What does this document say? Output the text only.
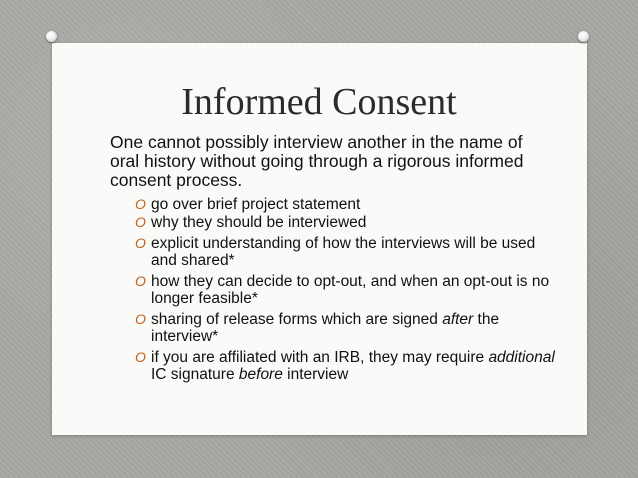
Informed Consent

One cannot possibly interview another in the name of oral history without going through a rigorous informed consent process.

O go over brief project statement
O why they should be interviewed
O explicit understanding of how the interviews will be used and shared*
O how they can decide to opt-out, and when an opt-out is no longer feasible*
O sharing of release forms which are signed after the interview*
O if you are affiliated with an IRB, they may require additional IC signature before interview
